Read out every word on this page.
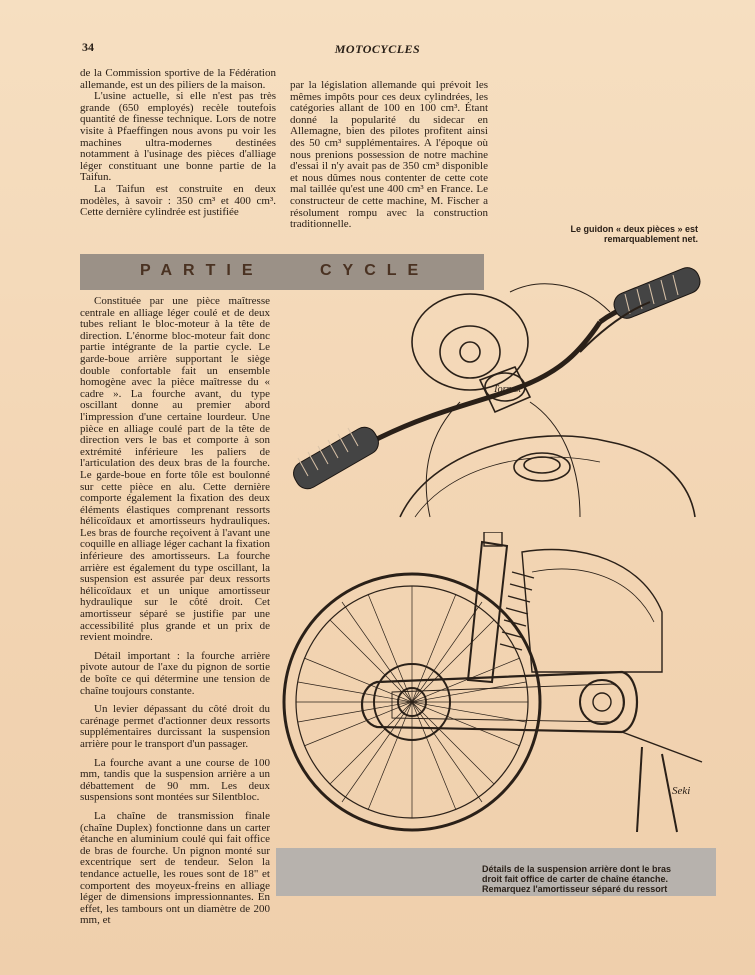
34	MOTOCYCLES

de la Commission sportive de la Fédération allemande, est un des piliers de la maison.

L'usine actuelle, si elle n'est pas très grande (650 employés) recèle toutefois quantité de finesse technique. Lors de notre visite à Pfaeffingen nous avons pu voir les machines ultra-modernes destinées notamment à l'usinage des pièces d'alliage léger constituant une bonne partie de la Taifun.

La Taifun est construite en deux modèles, à savoir : 350 cm³ et 400 cm³. Cette dernière cylindrée est justifiée

par la législation allemande qui prévoit les mêmes impôts pour ces deux cylindrées, les catégories allant de 100 en 100 cm³. Étant donné la popularité du sidecar en Allemagne, bien des pilotes profitent ainsi des 50 cm³ supplémentaires. A l'époque où nous prenions possession de notre machine d'essai il n'y avait pas de 350 cm³ disponible et nous dûmes nous contenter de cette cote mal taillée qu'est une 400 cm³ en France. Le constructeur de cette machine, M. Fischer a résolument rompu avec la construction traditionnelle.	Le guidon « deux pièces » est remarquablement net.
PARTIE	CYCLE

Constituée par une pièce maîtresse centrale en alliage léger coulé et de deux tubes reliant le bloc-moteur à la tête de direction. L'énorme bloc-moteur fait donc partie intégrante de la partie cycle. Le garde-boue arrière supportant le siège double confortable fait un ensemble homogène avec la pièce maîtresse du « cadre ». La fourche avant, du type oscillant donne au premier abord l'impression d'une certaine lourdeur. Une pièce en alliage coulé part de la tête de direction vers le bas et comporte à son extrémité inférieure les paliers de l'articulation des deux bras de la fourche. Le garde-boue en forte tôle est boulonné sur cette pièce en alu. Cette dernière comporte également la fixation des deux éléments élastiques comprenant ressorts hélicoïdaux et amortisseurs hydrauliques. Les bras de fourche reçoivent à l'avant une coquille en alliage léger cachant la fixation inférieure des amortisseurs. La fourche arrière est également du type oscillant, la suspension est assurée par deux ressorts hélicoïdaux et un unique amortisseur hydraulique sur le côté droit. Cet amortisseur séparé se justifie par une accessibilité plus grande et un prix de revient moindre.

Détail important : la fourche arrière pivote autour de l'axe du pignon de sortie de boîte ce qui détermine une tension de chaîne toujours constante.

Un levier dépassant du côté droit du carénage permet d'actionner deux ressorts supplémentaires durcissant la suspension arrière pour le transport d'un passager.

La fourche avant a une course de 100 mm, tandis que la suspension arrière a un débattement de 90 mm. Les deux suspensions sont montées sur Silentbloc.

La chaîne de transmission finale (chaîne Duplex) fonctionne dans un carter étanche en aluminium coulé qui fait office de bras de fourche. Un pignon monté sur excentrique sert de tendeur. Selon la tendance actuelle, les roues sont de 18" et comportent des moyeux-freins en alliage léger de dimensions impressionnantes. En effet, les tambours ont un diamètre de 200 mm, et

Tornax
Seki
Détails de la suspension arrière dont le bras
droit fait office de carter de chaîne étanche.
Remarquez l'amortisseur séparé du ressort
